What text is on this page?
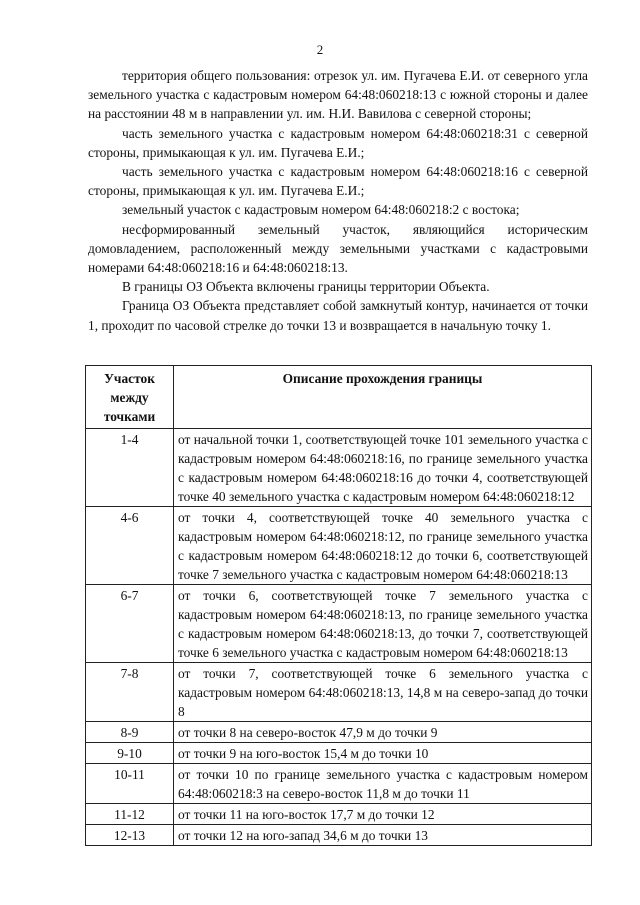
2

территория общего пользования: отрезок ул. им. Пугачева Е.И. от северного угла земельного участка с кадастровым номером 64:48:060218:13 с южной стороны и далее на расстоянии 48 м в направлении ул. им. Н.И. Вавилова с северной стороны;

часть земельного участка с кадастровым номером 64:48:060218:31 с северной стороны, примыкающая к ул. им. Пугачева Е.И.;

часть земельного участка с кадастровым номером 64:48:060218:16 с северной стороны, примыкающая к ул. им. Пугачева Е.И.;

земельный участок с кадастровым номером 64:48:060218:2 с востока;

несформированный земельный участок, являющийся историческим домовладением, расположенный между земельными участками с кадастровыми номерами 64:48:060218:16 и 64:48:060218:13.

В границы ОЗ Объекта включены границы территории Объекта.

Граница ОЗ Объекта представляет собой замкнутый контур, начинается от точки 1, проходит по часовой стрелке до точки 13 и возвращается в начальную точку 1.

Участок между точками	Описание прохождения границы
1-4	от начальной точки 1, соответствующей точке 101 земельного участка с кадастровым номером 64:48:060218:16, по границе земельного участка с кадастровым номером 64:48:060218:16 до точки 4, соответствующей точке 40 земельного участка с кадастровым номером 64:48:060218:12
4-6	от точки 4, соответствующей точке 40 земельного участка с кадастровым номером 64:48:060218:12, по границе земельного участка с кадастровым номером 64:48:060218:12 до точки 6, соответствующей точке 7 земельного участка с кадастровым номером 64:48:060218:13
6-7	от точки 6, соответствующей точке 7 земельного участка с кадастровым номером 64:48:060218:13, по границе земельного участка с кадастровым номером 64:48:060218:13, до точки 7, соответствующей точке 6 земельного участка с кадастровым номером 64:48:060218:13
7-8	от точки 7, соответствующей точке 6 земельного участка с кадастровым номером 64:48:060218:13, 14,8 м на северо-запад до точки 8
8-9	от точки 8 на северо-восток 47,9 м до точки 9
9-10	от точки 9 на юго-восток 15,4 м до точки 10
10-11	от точки 10 по границе земельного участка с кадастровым номером 64:48:060218:3 на северо-восток 11,8 м до точки 11
11-12	от точки 11 на юго-восток 17,7 м до точки 12
12-13	от точки 12 на юго-запад 34,6 м до точки 13
